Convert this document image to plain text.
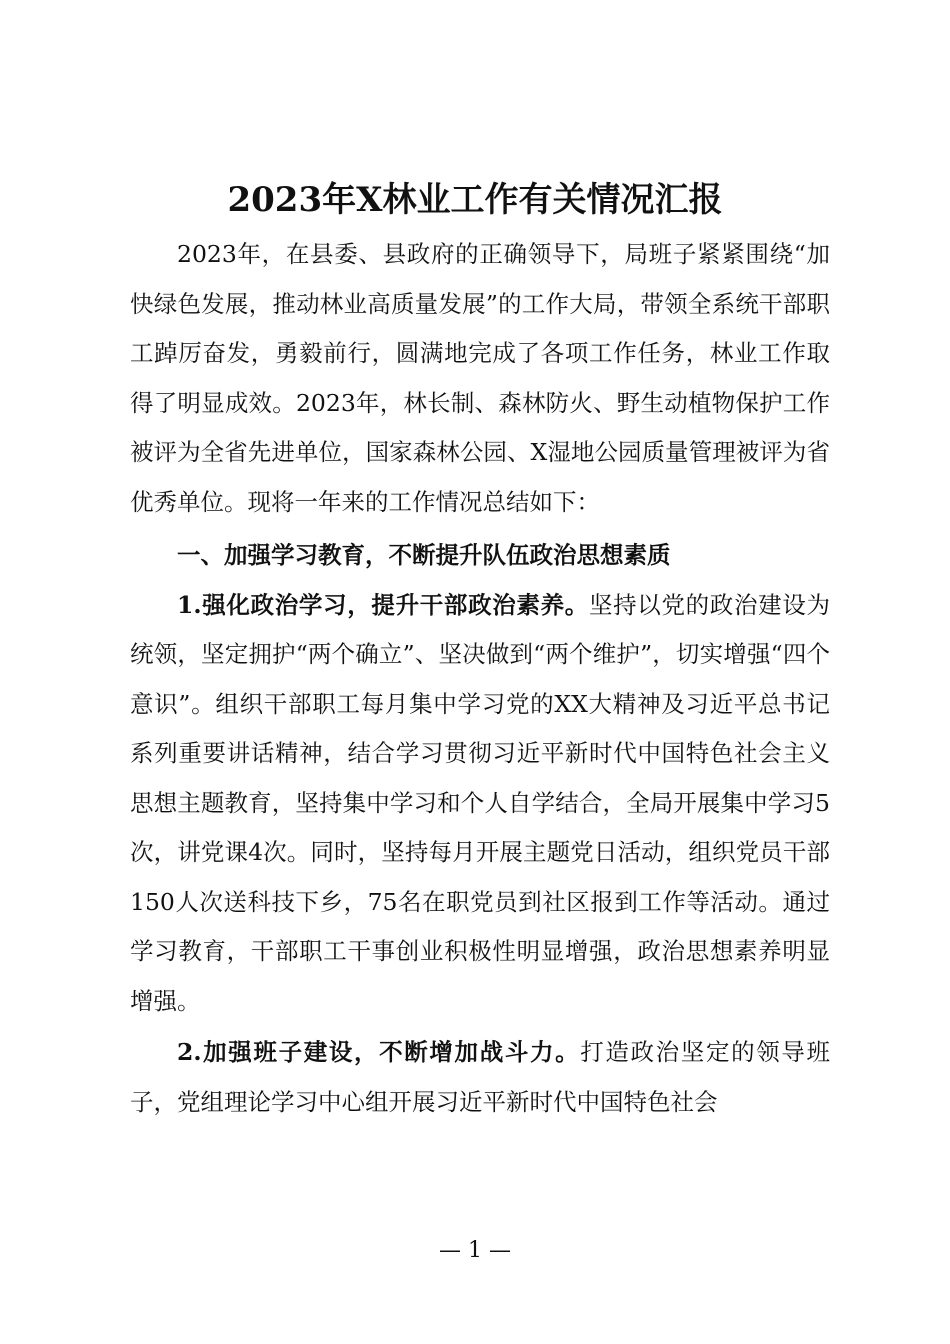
2023年X林业工作有关情况汇报

2023年，在县委、县政府的正确领导下，局班子紧紧围绕“加快绿色发展，推动林业高质量发展”的工作大局，带领全系统干部职工踔厉奋发，勇毅前行，圆满地完成了各项工作任务，林业工作取得了明显成效。2023年，林长制、森林防火、野生动植物保护工作被评为全省先进单位，国家森林公园、X湿地公园质量管理被评为省优秀单位。现将一年来的工作情况总结如下：

一、加强学习教育，不断提升队伍政治思想素质

1.强化政治学习，提升干部政治素养。坚持以党的政治建设为统领，坚定拥护“两个确立”、坚决做到“两个维护”，切实增强“四个意识”。组织干部职工每月集中学习党的XX大精神及习近平总书记系列重要讲话精神，结合学习贯彻习近平新时代中国特色社会主义思想主题教育，坚持集中学习和个人自学结合，全局开展集中学习5次，讲党课4次。同时，坚持每月开展主题党日活动，组织党员干部150人次送科技下乡，75名在职党员到社区报到工作等活动。通过学习教育，干部职工干事创业积极性明显增强，政治思想素养明显增强。

2.加强班子建设，不断增加战斗力。打造政治坚定的领导班子，党组理论学习中心组开展习近平新时代中国特色社会

— 1 —
